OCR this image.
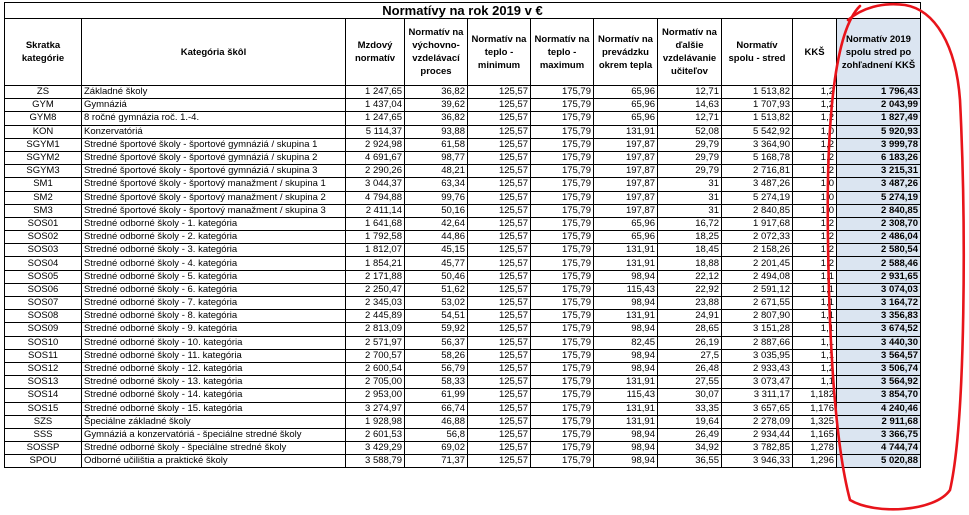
Normatívy na rok 2019 v €										
Skratka kategórie	Kategória škôl	Mzdový normatív	Normatív na výchovno-vzdelávací proces	Normatív na teplo - minimum	Normatív na teplo - maximum	Normatív na prevádzku okrem tepla	Normatív na ďalšie vzdelávanie učiteľov	Normatív spolu - stred	KKŠ	Normatív 2019 spolu stred po zohľadnení KKŠ
ZS	Základné školy	1 247,65	36,82	125,57	175,79	65,96	12,71	1 513,82	1,2	1 796,43
GYM	Gymnáziá	1 437,04	39,62	125,57	175,79	65,96	14,63	1 707,93	1,2	2 043,99
GYM8	8 ročné gymnázia roč. 1.-4.	1 247,65	36,82	125,57	175,79	65,96	12,71	1 513,82	1,2	1 827,49
KON	Konzervatóriá	5 114,37	93,88	125,57	175,79	131,91	52,08	5 542,92	1,0	5 920,93
SGYM1	Stredné športové školy - športové gymnáziá / skupina 1	2 924,98	61,58	125,57	175,79	197,87	29,79	3 364,90	1,2	3 999,78
SGYM2	Stredné športové školy - športové gymnáziá / skupina 2	4 691,67	98,77	125,57	175,79	197,87	29,79	5 168,78	1,2	6 183,26
SGYM3	Stredné športové školy - športové gymnáziá / skupina 3	2 290,26	48,21	125,57	175,79	197,87	29,79	2 716,81	1,2	3 215,31
SM1	Stredné športové školy - športový manažment / skupina 1	3 044,37	63,34	125,57	175,79	197,87	31	3 487,26	1,0	3 487,26
SM2	Stredné športové školy - športový manažment / skupina 2	4 794,88	99,76	125,57	175,79	197,87	31	5 274,19	1,0	5 274,19
SM3	Stredné športové školy - športový manažment / skupina 3	2 411,14	50,16	125,57	175,79	197,87	31	2 840,85	1,0	2 840,85
SOS01	Stredné odborné školy - 1. kategória	1 641,68	42,64	125,57	175,79	65,96	16,72	1 917,68	1,2	2 308,70
SOS02	Stredné odborné školy - 2. kategória	1 792,58	44,86	125,57	175,79	65,96	18,25	2 072,33	1,2	2 486,04
SOS03	Stredné odborné školy - 3. kategória	1 812,07	45,15	125,57	175,79	131,91	18,45	2 158,26	1,2	2 580,54
SOS04	Stredné odborné školy - 4. kategória	1 854,21	45,77	125,57	175,79	131,91	18,88	2 201,45	1,2	2 588,46
SOS05	Stredné odborné školy - 5. kategória	2 171,88	50,46	125,57	175,79	98,94	22,12	2 494,08	1,1	2 931,65
SOS06	Stredné odborné školy - 6. kategória	2 250,47	51,62	125,57	175,79	115,43	22,92	2 591,12	1,1	3 074,03
SOS07	Stredné odborné školy - 7. kategória	2 345,03	53,02	125,57	175,79	98,94	23,88	2 671,55	1,1	3 164,72
SOS08	Stredné odborné školy - 8. kategória	2 445,89	54,51	125,57	175,79	131,91	24,91	2 807,90	1,1	3 356,83
SOS09	Stredné odborné školy - 9. kategória	2 813,09	59,92	125,57	175,79	98,94	28,65	3 151,28	1,1	3 674,52
SOS10	Stredné odborné školy - 10. kategória	2 571,97	56,37	125,57	175,79	82,45	26,19	2 887,66	1,1	3 440,30
SOS11	Stredné odborné školy - 11. kategória	2 700,57	58,26	125,57	175,79	98,94	27,5	3 035,95	1,1	3 564,57
SOS12	Stredné odborné školy - 12. kategória	2 600,54	56,79	125,57	175,79	98,94	26,48	2 933,43	1,2	3 506,74
SOS13	Stredné odborné školy - 13. kategória	2 705,00	58,33	125,57	175,79	131,91	27,55	3 073,47	1,1	3 564,92
SOS14	Stredné odborné školy - 14. kategória	2 953,00	61,99	125,57	175,79	115,43	30,07	3 311,17	1,182	3 854,70
SOS15	Stredné odborné školy - 15. kategória	3 274,97	66,74	125,57	175,79	131,91	33,35	3 657,65	1,176	4 240,46
SZS	Špeciálne základné školy	1 928,98	46,88	125,57	175,79	131,91	19,64	2 278,09	1,325	2 911,68
SSS	Gymnáziá a konzervatóriá - špeciálne stredné školy	2 601,53	56,8	125,57	175,79	98,94	26,49	2 934,44	1,165	3 366,75
SOSSP	Stredné odborné školy - špeciálne stredné školy	3 429,29	69,02	125,57	175,79	98,94	34,92	3 782,85	1,278	4 744,74
SPOU	Odborné učilištia a praktické školy	3 588,79	71,37	125,57	175,79	98,94	36,55	3 946,33	1,296	5 020,88
